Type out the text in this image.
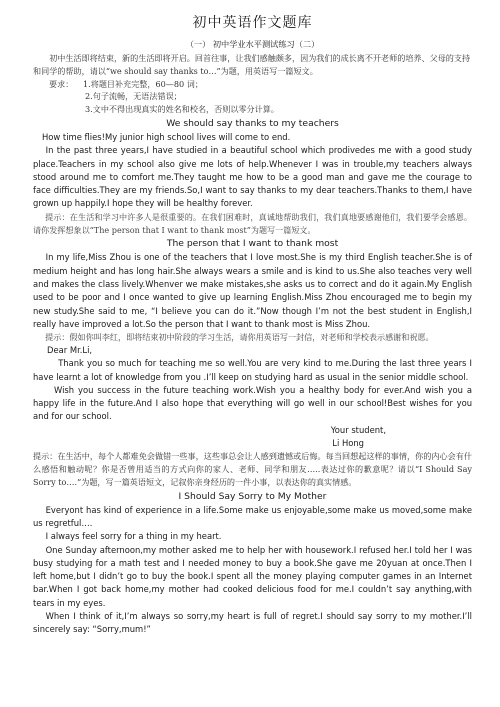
初中英语作文题库
（一） 初中学业水平测试练习（二）

初中生活即将结束，新的生活即将开启。回首往事，让我们感触颇多，因为我们的成长离不开老师的培养、父母的支持和同学的帮助，请以“we should say thanks to…”为题，用英语写一篇短文。

要求： 1.将题目补充完整，60—80 词；

2.句子流畅，无语法错误；

3.文中不得出现真实的姓名和校名，否则以零分计算。

We should say thanks to my teachers

How time flies!My junior high school lives will come to end.

In the past three years,I have studied in a beautiful school which prodivedes me with a good study place.Teachers in my school also give me lots of help.Whenever I was in trouble,my teachers always stood around me to comfort me.They taught me how to be a good man and gave me the courage to face difficulties.They are my friends.So,I want to say thanks to my dear teachers.Thanks to them,I have grown up happily.I hope they will be healthy forever.

提示：在生活和学习中许多人是很重要的。在我们困难时，真诚地帮助我们，我们真地要感谢他们，我们要学会感恩。请你发挥想象以“The person that I want to thank most”为题写一篇短文。

The person that I want to thank most

In my life,Miss Zhou is one of the teachers that I love most.She is my third English teacher.She is of medium height and has long hair.She always wears a smile and is kind to us.She also teaches very well and makes the class lively.Whenver we make mistakes,she asks us to correct and do it again.My English used to be poor and I once wanted to give up learning English.Miss Zhou encouraged me to begin my new study.She said to me, “I believe you can do it.”Now though I’m not the best student in English,I really have improved a lot.So the person that I want to thank most is Miss Zhou.

提示：假如你叫李红，即将结束初中阶段的学习生活，请你用英语写一封信，对老师和学校表示感谢和祝愿。

Dear Mr.Li,

Thank you so much for teaching me so well.You are very kind to me.During the last three years I have learnt a lot of knowledge from you .I’ll keep on studying hard as usual in the senior middle school.

Wish you success in the future teaching work.Wish you a healthy body for ever.And wish you a happy life in the future.And I also hope that everything will go well in our school!Best wishes for you and for our school.

Your student,

Li Hong

提示：在生活中，每个人都难免会做错一些事，这些事总会让人感到遗憾或后悔。每当回想起这样的事情，你的内心会有什么感悟和触动呢？你是否曾用适当的方式向你的家人、老师、同学和朋友…..表达过你的歉意呢？请以“I Should Say Sorry to….”为题，写一篇英语短文，记叙你亲身经历的一件小事，以表达你的真实情感。

I Should Say Sorry to My Mother

Everyont has kind of experience in a life.Some make us enjoyable,some make us moved,some make us regretful….

I always feel sorry for a thing in my heart.

One Sunday afternoon,my mother asked me to help her with housework.I refused her.I told her I was busy studying for a math test and I needed money to buy a book.She gave me 20yuan at once.Then I left home,but I didn’t go to buy the book.I spent all the money playing computer games in an Internet bar.When I got back home,my mother had cooked delicious food for me.I couldn’t say anything,with tears in my eyes.

When I think of it,I’m always so sorry,my heart is full of regret.I should say sorry to my mother.I’ll sincerely say: “Sorry,mum!”
